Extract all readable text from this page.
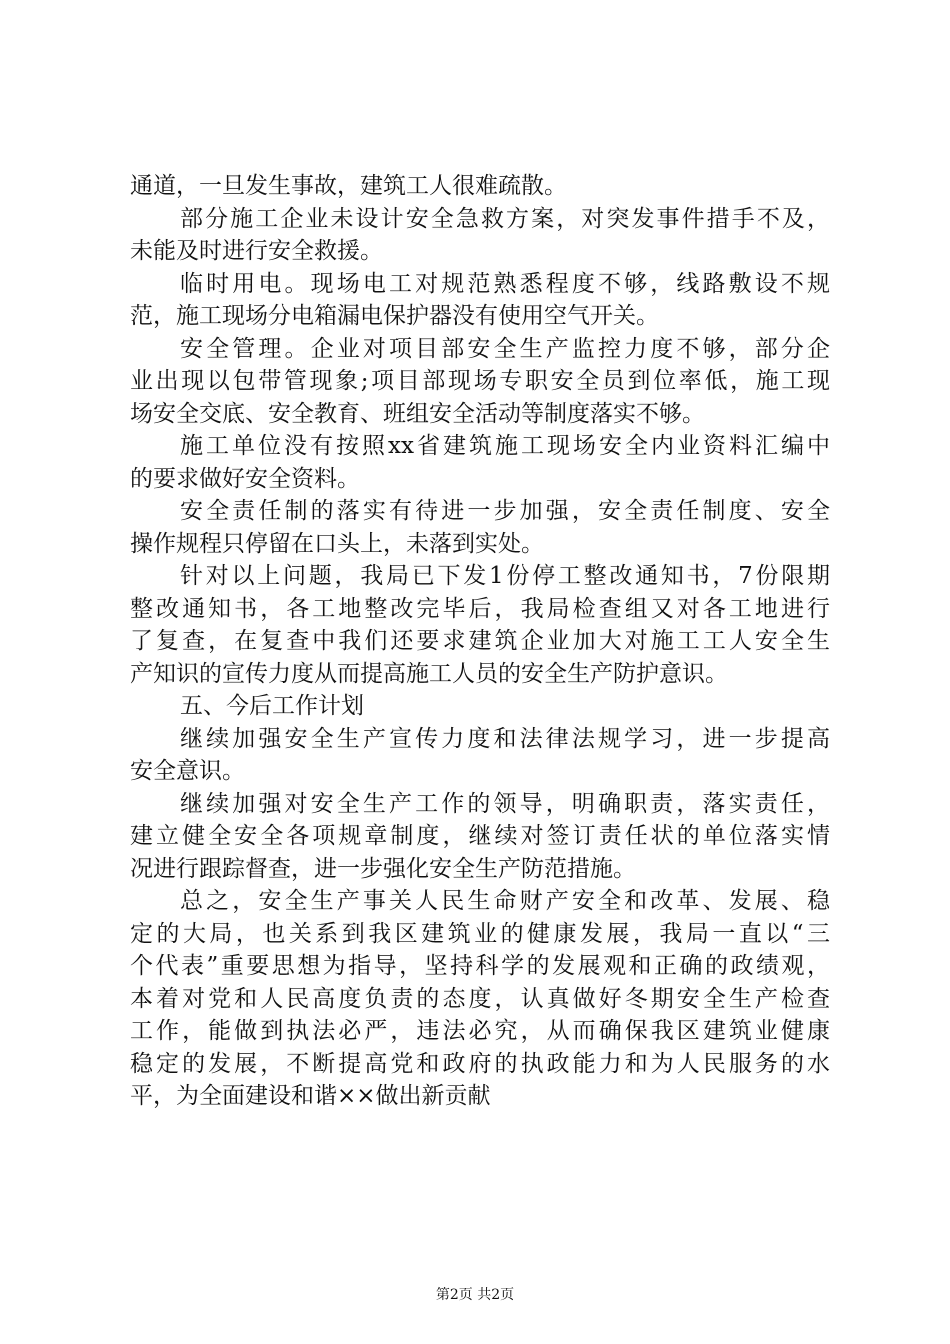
通道，一旦发生事故，建筑工人很难疏散。
部分施工企业未设计安全急救方案，对突发事件措手不及，
未能及时进行安全救援。
临时用电。现场电工对规范熟悉程度不够，线路敷设不规
范，施工现场分电箱漏电保护器没有使用空气开关。
安全管理。企业对项目部安全生产监控力度不够，部分企
业出现以包带管现象;项目部现场专职安全员到位率低，施工现
场安全交底、安全教育、班组安全活动等制度落实不够。
施工单位没有按照xx省建筑施工现场安全内业资料汇编中
的要求做好安全资料。
安全责任制的落实有待进一步加强，安全责任制度、安全
操作规程只停留在口头上，未落到实处。
针对以上问题，我局已下发1份停工整改通知书，7份限期
整改通知书，各工地整改完毕后，我局检查组又对各工地进行
了复查，在复查中我们还要求建筑企业加大对施工工人安全生
产知识的宣传力度从而提高施工人员的安全生产防护意识。
五、今后工作计划
继续加强安全生产宣传力度和法律法规学习，进一步提高
安全意识。
继续加强对安全生产工作的领导，明确职责，落实责任，
建立健全安全各项规章制度，继续对签订责任状的单位落实情
况进行跟踪督查，进一步强化安全生产防范措施。
总之，安全生产事关人民生命财产安全和改革、发展、稳
定的大局，也关系到我区建筑业的健康发展，我局一直以“三
个代表”重要思想为指导，坚持科学的发展观和正确的政绩观，
本着对党和人民高度负责的态度，认真做好冬期安全生产检查
工作，能做到执法必严，违法必究，从而确保我区建筑业健康
稳定的发展，不断提高党和政府的执政能力和为人民服务的水
平，为全面建设和谐××做出新贡献
第2页 共2页
